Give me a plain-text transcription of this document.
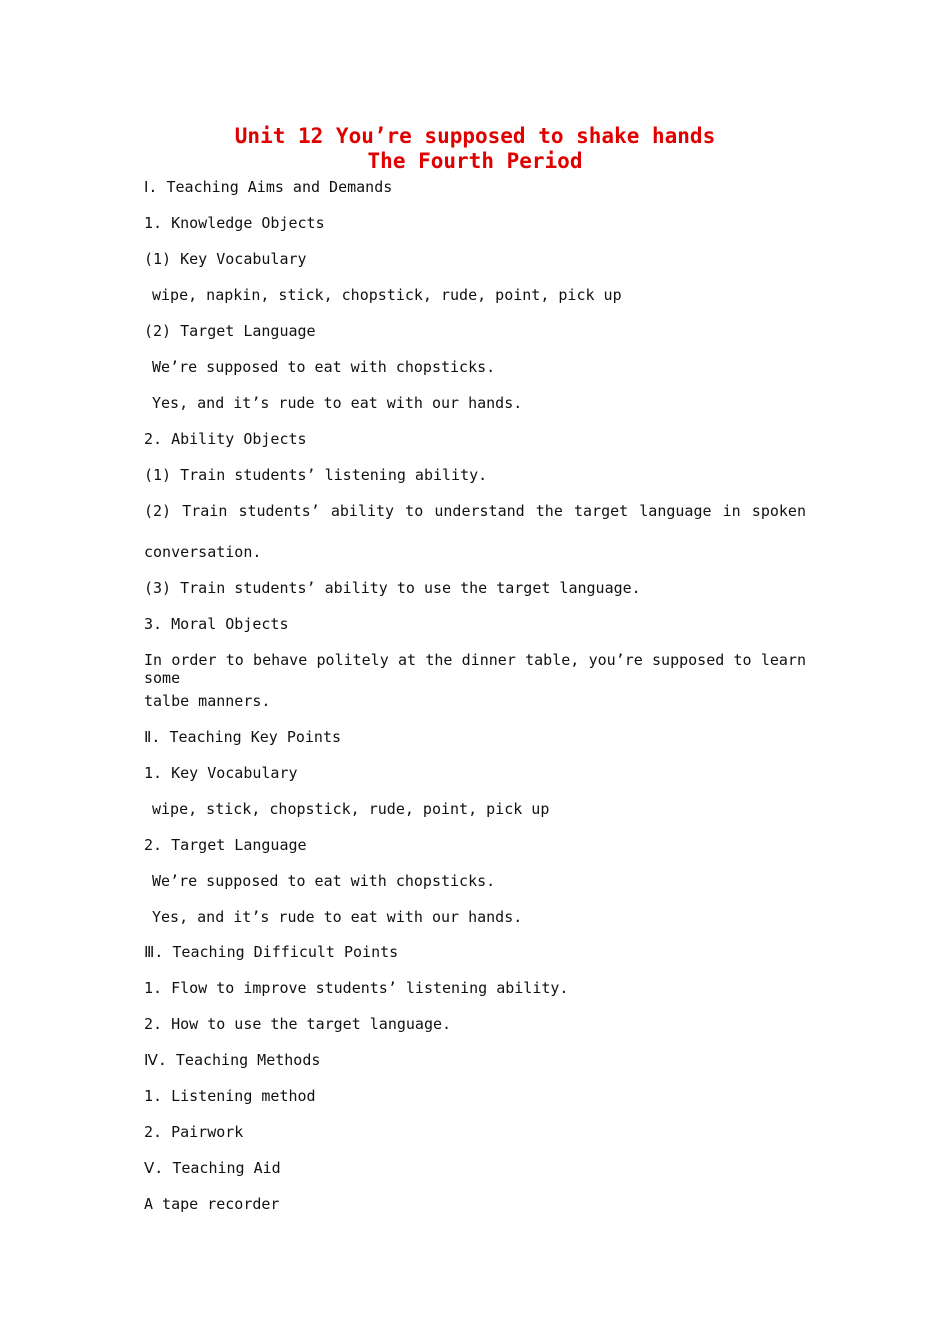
Unit 12 You’re supposed to shake hands
The Fourth Period
Ⅰ. Teaching Aims and Demands
1. Knowledge Objects
(1) Key Vocabulary
wipe, napkin, stick, chopstick, rude, point, pick up
(2) Target Language
We’re supposed to eat with chopsticks.
Yes, and it’s rude to eat with our hands.
2. Ability Objects
(1) Train students’ listening ability.
(2) Train students’ ability to understand the target language in spoken
conversation.
(3) Train students’ ability to use the target language.
3. Moral Objects
In order to behave politely at the dinner table, you’re supposed to learn some
talbe manners.
Ⅱ. Teaching Key Points
1. Key Vocabulary
wipe, stick, chopstick, rude, point, pick up
2. Target Language
We’re supposed to eat with chopsticks.
Yes, and it’s rude to eat with our hands.
Ⅲ. Teaching Difficult Points
1. Flow to improve students’ listening ability.
2. How to use the target language.
Ⅳ. Teaching Methods
1. Listening method
2. Pairwork
Ⅴ. Teaching Aid
A tape recorder
